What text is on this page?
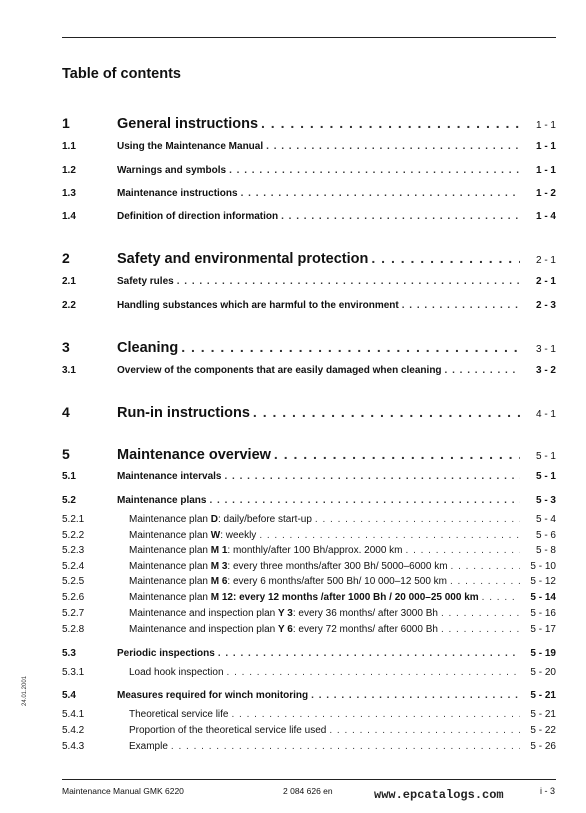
Table of contents
1	General instructions . . .	1 - 1
1.1	Using the Maintenance Manual . . .	1 - 1
1.2	Warnings and symbols . . .	1 - 1
1.3	Maintenance instructions . . .	1 - 2
1.4	Definition of direction information . . .	1 - 4
2	Safety and environmental protection . . .	2 - 1
2.1	Safety rules . . .	2 - 1
2.2	Handling substances which are harmful to the environment . . .	2 - 3
3	Cleaning . . .	3 - 1
3.1	Overview of the components that are easily damaged when cleaning . . .	3 - 2
4	Run-in instructions . . .	4 - 1
5	Maintenance overview . . .	5 - 1
5.1	Maintenance intervals . . .	5 - 1
5.2	Maintenance plans . . .	5 - 3
5.2.1	Maintenance plan D: daily/before start-up . . .	5 - 4
5.2.2	Maintenance plan W: weekly . . .	5 - 6
5.2.3	Maintenance plan M 1: monthly/after 100 Bh/approx. 2000 km . . .	5 - 8
5.2.4	Maintenance plan M 3: every three months/after 300 Bh/ 5000–6000 km . . .	5 - 10
5.2.5	Maintenance plan M 6: every 6 months/after 500 Bh/ 10 000–12 500 km . . .	5 - 12
5.2.6	Maintenance plan M 12: every 12 months /after 1000 Bh / 20 000–25 000 km . . .	5 - 14
5.2.7	Maintenance and inspection plan Y 3: every 36 months/ after 3000 Bh . . .	5 - 16
5.2.8	Maintenance and inspection plan Y 6: every 72 months/ after 6000 Bh . . .	5 - 17
5.3	Periodic inspections . . .	5 - 19
5.3.1	Load hook inspection . . .	5 - 20
5.4	Measures required for winch monitoring . . .	5 - 21
5.4.1	Theoretical service life . . .	5 - 21
5.4.2	Proportion of the theoretical service life used . . .	5 - 22
5.4.3	Example . . .	5 - 26
24.01.2001
Maintenance Manual GMK 6220	2 084 626 en	www.epcatalogs.com	i - 3
